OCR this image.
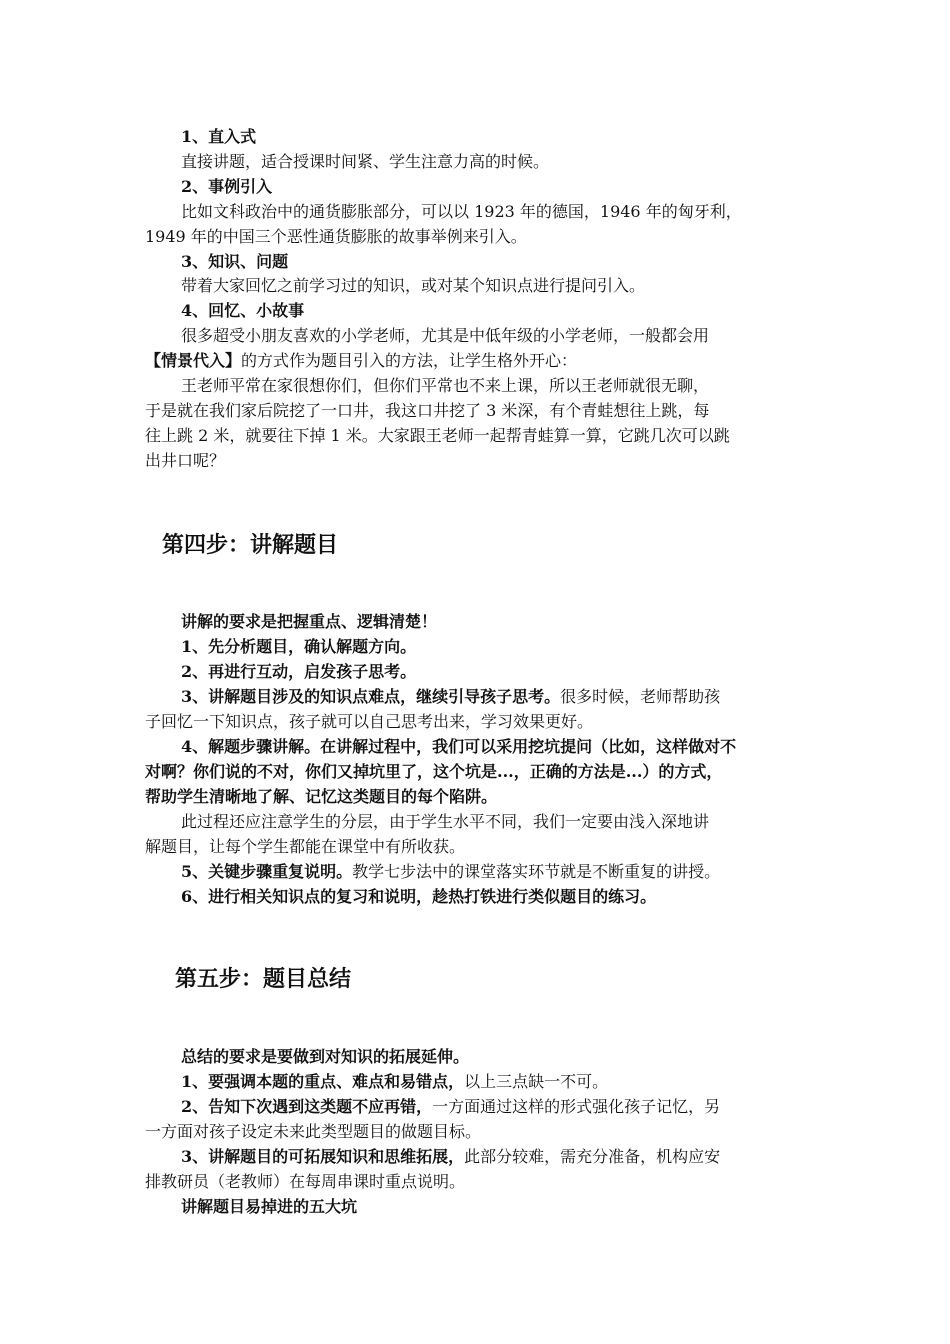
1、直入式
直接讲题，适合授课时间紧、学生注意力高的时候。
2、事例引入
比如文科政治中的通货膨胀部分，可以以 1923 年的德国，1946 年的匈牙利，
1949 年的中国三个恶性通货膨胀的故事举例来引入。
3、知识、问题
带着大家回忆之前学习过的知识，或对某个知识点进行提问引入。
4、回忆、小故事
很多超受小朋友喜欢的小学老师，尤其是中低年级的小学老师，一般都会用
【情景代入】的方式作为题目引入的方法，让学生格外开心：
王老师平常在家很想你们，但你们平常也不来上课，所以王老师就很无聊，
于是就在我们家后院挖了一口井，我这口井挖了 3 米深，有个青蛙想往上跳，每
往上跳 2 米，就要往下掉 1 米。大家跟王老师一起帮青蛙算一算，它跳几次可以跳
出井口呢？
第四步：讲解题目
讲解的要求是把握重点、逻辑清楚！
1、先分析题目，确认解题方向。
2、再进行互动，启发孩子思考。
3、讲解题目涉及的知识点难点，继续引导孩子思考。很多时候，老师帮助孩
子回忆一下知识点，孩子就可以自己思考出来，学习效果更好。
4、解题步骤讲解。在讲解过程中，我们可以采用挖坑提问（比如，这样做对不
对啊？你们说的不对，你们又掉坑里了，这个坑是...，正确的方法是...）的方式，
帮助学生清晰地了解、记忆这类题目的每个陷阱。
此过程还应注意学生的分层，由于学生水平不同，我们一定要由浅入深地讲
解题目，让每个学生都能在课堂中有所收获。
5、关键步骤重复说明。教学七步法中的课堂落实环节就是不断重复的讲授。
6、进行相关知识点的复习和说明，趁热打铁进行类似题目的练习。
第五步：题目总结
总结的要求是要做到对知识的拓展延伸。
1、要强调本题的重点、难点和易错点，以上三点缺一不可。
2、告知下次遇到这类题不应再错，一方面通过这样的形式强化孩子记忆，另
一方面对孩子设定未来此类型题目的做题目标。
3、讲解题目的可拓展知识和思维拓展，此部分较难，需充分准备，机构应安
排教研员（老教师）在每周串课时重点说明。
讲解题目易掉进的五大坑
